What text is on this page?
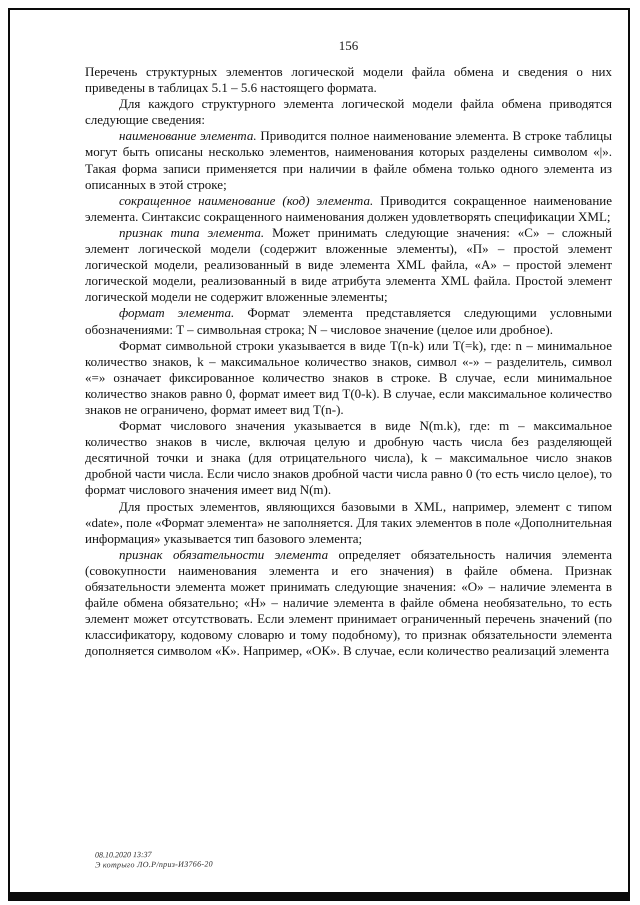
156

Перечень структурных элементов логической модели файла обмена и сведения о них приведены в таблицах 5.1 – 5.6 настоящего формата.

Для каждого структурного элемента логической модели файла обмена приводятся следующие сведения:

наименование элемента. Приводится полное наименование элемента. В строке таблицы могут быть описаны несколько элементов, наименования которых разделены символом «|». Такая форма записи применяется при наличии в файле обмена только одного элемента из описанных в этой строке;

сокращенное наименование (код) элемента. Приводится сокращенное наименование элемента. Синтаксис сокращенного наименования должен удовлетворять спецификации XML;

признак типа элемента. Может принимать следующие значения: «С» – сложный элемент логической модели (содержит вложенные элементы), «П» – простой элемент логической модели, реализованный в виде элемента XML файла, «А» – простой элемент логической модели, реализованный в виде атрибута элемента XML файла. Простой элемент логической модели не содержит вложенные элементы;

формат элемента. Формат элемента представляется следующими условными обозначениями: T – символьная строка; N – числовое значение (целое или дробное).

Формат символьной строки указывается в виде T(n-k) или T(=k), где: n – минимальное количество знаков, k – максимальное количество знаков, символ «-» – разделитель, символ «=» означает фиксированное количество знаков в строке. В случае, если минимальное количество знаков равно 0, формат имеет вид T(0-k). В случае, если максимальное количество знаков не ограничено, формат имеет вид T(n-).

Формат числового значения указывается в виде N(m.k), где: m – максимальное количество знаков в числе, включая целую и дробную часть числа без разделяющей десятичной точки и знака (для отрицательного числа), k – максимальное число знаков дробной части числа. Если число знаков дробной части числа равно 0 (то есть число целое), то формат числового значения имеет вид N(m).

Для простых элементов, являющихся базовыми в XML, например, элемент с типом «date», поле «Формат элемента» не заполняется. Для таких элементов в поле «Дополнительная информация» указывается тип базового элемента;

признак обязательности элемента определяет обязательность наличия элемента (совокупности наименования элемента и его значения) в файле обмена. Признак обязательности элемента может принимать следующие значения: «О» – наличие элемента в файле обмена обязательно; «Н» – наличие элемента в файле обмена необязательно, то есть элемент может отсутствовать. Если элемент принимает ограниченный перечень значений (по классификатору, кодовому словарю и тому подобному), то признак обязательности элемента дополняется символом «К». Например, «ОК». В случае, если количество реализаций элемента

08.10.2020 13:37
Э котрыго ЛО.Р/приз-ИЗ766-20
